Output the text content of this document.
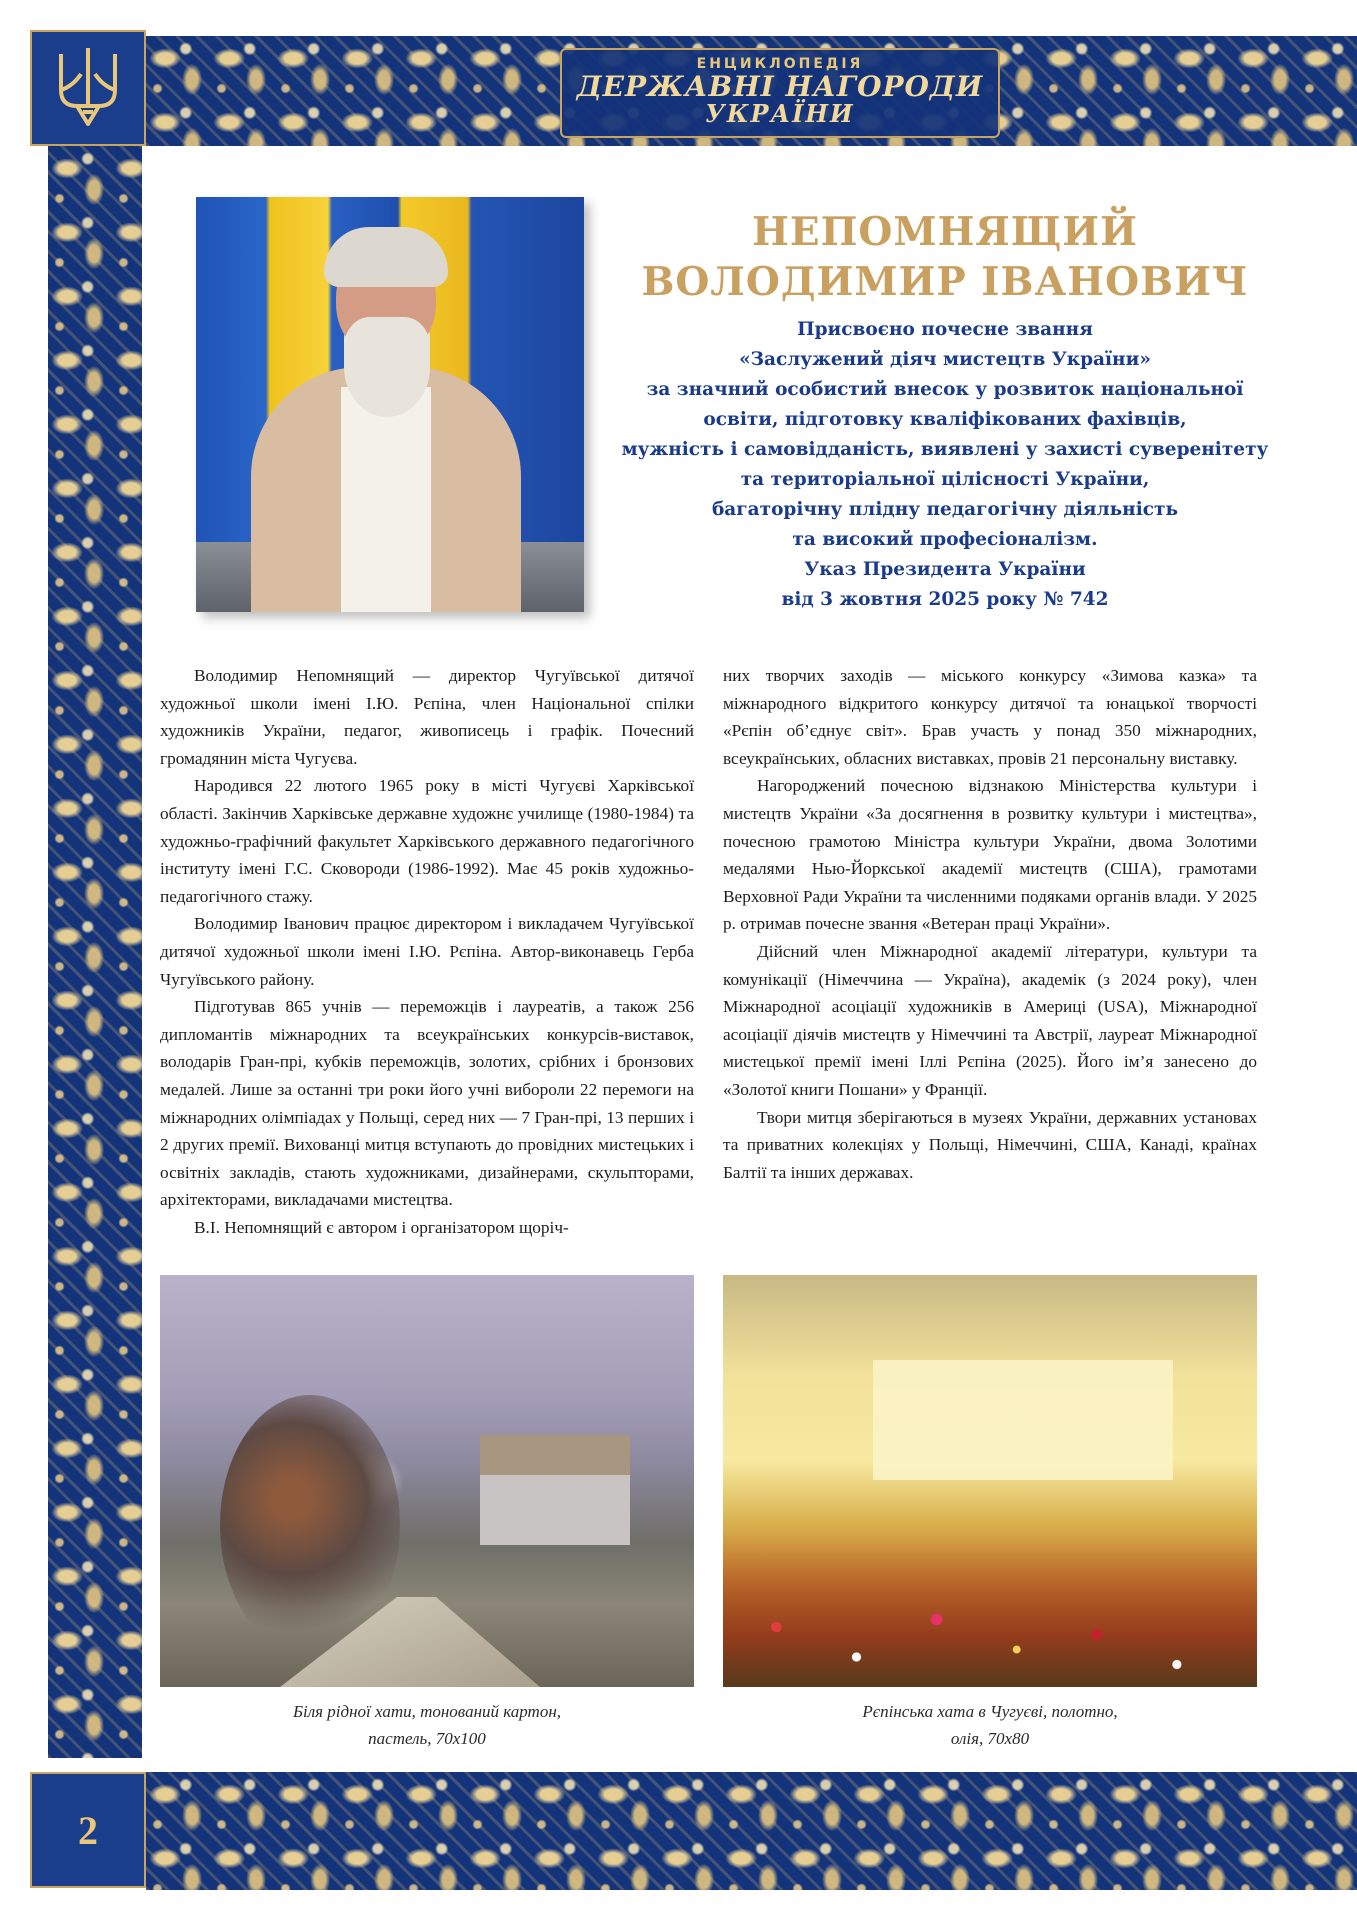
ЕНЦИКЛОПЕДІЯ
ДЕРЖАВНІ НАГОРОДИ
УКРАЇНИ
2
НЕПОМНЯЩИЙ
ВОЛОДИМИР ІВАНОВИЧ
Присвоєно почесне звання
«Заслужений діяч мистецтв України»
за значний особистий внесок у розвиток національної
освіти, підготовку кваліфікованих фахівців,
мужність і самовідданість, виявлені у захисті суверенітету
та територіальної цілісності України,
багаторічну плідну педагогічну діяльність
та високий професіоналізм.
Указ Президента України
від 3 жовтня 2025 року № 742

Володимир Непомнящий — директор Чугуївської дитячої художньої школи імені І.Ю. Рєпіна, член Національної спілки художників України, педагог, живописець і графік. Почесний громадянин міста Чугуєва.

Народився 22 лютого 1965 року в місті Чугуєві Харківської області. Закінчив Харківське державне художнє училище (1980-1984) та художньо-графічний факультет Харківського державного педагогічного інституту імені Г.С. Сковороди (1986-1992). Має 45 років художньо-педагогічного стажу.

Володимир Іванович працює директором і викладачем Чугуївської дитячої художньої школи імені І.Ю. Рєпіна. Автор-виконавець Герба Чугуївського району.

Підготував 865 учнів — переможців і лауреатів, а також 256 дипломантів міжнародних та всеукраїнських конкурсів-виставок, володарів Гран-прі, кубків переможців, золотих, срібних і бронзових медалей. Лише за останні три роки його учні вибороли 22 перемоги на міжнародних олімпіадах у Польщі, серед них — 7 Гран-прі, 13 перших і 2 других премії. Вихованці митця вступають до провідних мистецьких і освітніх закладів, стають художниками, дизайнерами, скульпторами, архітекторами, викладачами мистецтва.

В.І. Непомнящий є автором і організатором щоріч-

них творчих заходів — міського конкурсу «Зимова казка» та міжнародного відкритого конкурсу дитячої та юнацької творчості «Рєпін об’єднує світ». Брав участь у понад 350 міжнародних, всеукраїнських, обласних виставках, провів 21 персональну виставку.

Нагороджений почесною відзнакою Міністерства культури і мистецтв України «За досягнення в розвитку культури і мистецтва», почесною грамотою Міністра культури України, двома Золотими медалями Нью-Йоркської академії мистецтв (США), грамотами Верховної Ради України та численними подяками органів влади. У 2025 р. отримав почесне звання «Ветеран праці України».

Дійсний член Міжнародної академії літератури, культури та комунікації (Німеччина — Україна), академік (з 2024 року), член Міжнародної асоціації художників в Америці (USA), Міжнародної асоціації діячів мистецтв у Німеччині та Австрії, лауреат Міжнародної мистецької премії імені Іллі Рєпіна (2025). Його ім’я занесено до «Золотої книги Пошани» у Франції.

Твори митця зберігаються в музеях України, державних установах та приватних колекціях у Польщі, Німеччині, США, Канаді, країнах Балтії та інших державах.

Біля рідної хати, тонований картон,
пастель, 70х100
Рєпінська хата в Чугуєві, полотно,
олія, 70х80
